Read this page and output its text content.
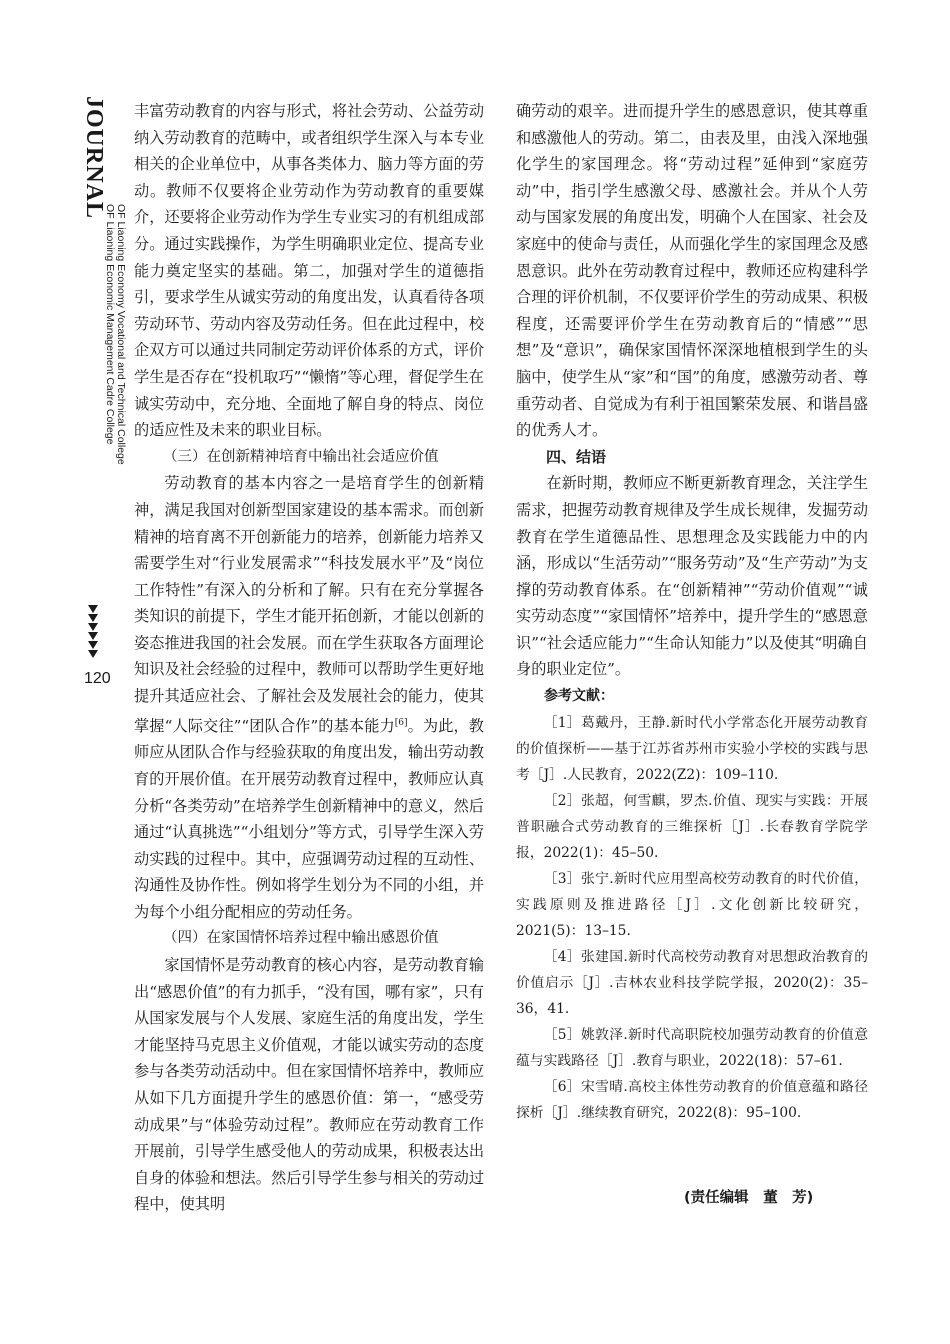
JOURNAL OF Liaoning Economy Vocational and Technical College
OF Liaoning Economic Management Cadre College
120

丰富劳动教育的内容与形式，将社会劳动、公益劳动纳入劳动教育的范畴中，或者组织学生深入与本专业相关的企业单位中，从事各类体力、脑力等方面的劳动。教师不仅要将企业劳动作为劳动教育的重要媒介，还要将企业劳动作为学生专业实习的有机组成部分。通过实践操作，为学生明确职业定位、提高专业能力奠定坚实的基础。第二，加强对学生的道德指引，要求学生从诚实劳动的角度出发，认真看待各项劳动环节、劳动内容及劳动任务。但在此过程中，校企双方可以通过共同制定劳动评价体系的方式，评价学生是否存在“投机取巧”“懒惰”等心理，督促学生在诚实劳动中，充分地、全面地了解自身的特点、岗位的适应性及未来的职业目标。

（三）在创新精神培育中输出社会适应价值

劳动教育的基本内容之一是培育学生的创新精神，满足我国对创新型国家建设的基本需求。而创新精神的培育离不开创新能力的培养，创新能力培养又需要学生对“行业发展需求”“科技发展水平”及“岗位工作特性”有深入的分析和了解。只有在充分掌握各类知识的前提下，学生才能开拓创新，才能以创新的姿态推进我国的社会发展。而在学生获取各方面理论知识及社会经验的过程中，教师可以帮助学生更好地提升其适应社会、了解社会及发展社会的能力，使其掌握“人际交往”“团队合作”的基本能力[6]。为此，教师应从团队合作与经验获取的角度出发，输出劳动教育的开展价值。在开展劳动教育过程中，教师应认真分析“各类劳动”在培养学生创新精神中的意义，然后通过“认真挑选”“小组划分”等方式，引导学生深入劳动实践的过程中。其中，应强调劳动过程的互动性、沟通性及协作性。例如将学生划分为不同的小组，并为每个小组分配相应的劳动任务。

（四）在家国情怀培养过程中输出感恩价值

家国情怀是劳动教育的核心内容，是劳动教育输出“感恩价值”的有力抓手，“没有国，哪有家”，只有从国家发展与个人发展、家庭生活的角度出发，学生才能坚持马克思主义价值观，才能以诚实劳动的态度参与各类劳动活动中。但在家国情怀培养中，教师应从如下几方面提升学生的感恩价值：第一，“感受劳动成果”与“体验劳动过程”。教师应在劳动教育工作开展前，引导学生感受他人的劳动成果，积极表达出自身的体验和想法。然后引导学生参与相关的劳动过程中，使其明

确劳动的艰辛。进而提升学生的感恩意识，使其尊重和感激他人的劳动。第二，由表及里，由浅入深地强化学生的家国理念。将“劳动过程”延伸到“家庭劳动”中，指引学生感激父母、感激社会。并从个人劳动与国家发展的角度出发，明确个人在国家、社会及家庭中的使命与责任，从而强化学生的家国理念及感恩意识。此外在劳动教育过程中，教师还应构建科学合理的评价机制，不仅要评价学生的劳动成果、积极程度，还需要评价学生在劳动教育后的“情感”“思想”及“意识”，确保家国情怀深深地植根到学生的头脑中，使学生从“家”和“国”的角度，感激劳动者、尊重劳动者、自觉成为有利于祖国繁荣发展、和谐昌盛的优秀人才。

四、结语

在新时期，教师应不断更新教育理念，关注学生需求，把握劳动教育规律及学生成长规律，发掘劳动教育在学生道德品性、思想理念及实践能力中的内涵，形成以“生活劳动”“服务劳动”及“生产劳动”为支撑的劳动教育体系。在“创新精神”“劳动价值观”“诚实劳动态度”“家国情怀”培养中，提升学生的“感恩意识”“社会适应能力”“生命认知能力”以及使其“明确自身的职业定位”。

参考文献：

［1］葛戴丹，王静.新时代小学常态化开展劳动教育的价值探析——基于江苏省苏州市实验小学校的实践与思考［J］.人民教育，2022(Z2)：109–110.

［2］张超，何雪麒，罗杰.价值、现实与实践：开展普职融合式劳动教育的三维探析［J］.长春教育学院学报，2022(1)：45–50.

［3］张宁.新时代应用型高校劳动教育的时代价值，实践原则及推进路径［J］.文化创新比较研究，2021(5)：13–15.

［4］张建国.新时代高校劳动教育对思想政治教育的价值启示［J］.吉林农业科技学院学报，2020(2)：35–36，41.

［5］姚敦泽.新时代高职院校加强劳动教育的价值意蕴与实践路径［J］.教育与职业，2022(18)：57–61.

［6］宋雪晴.高校主体性劳动教育的价值意蕴和路径探析［J］.继续教育研究，2022(8)：95–100.

(责任编辑　董　芳)
